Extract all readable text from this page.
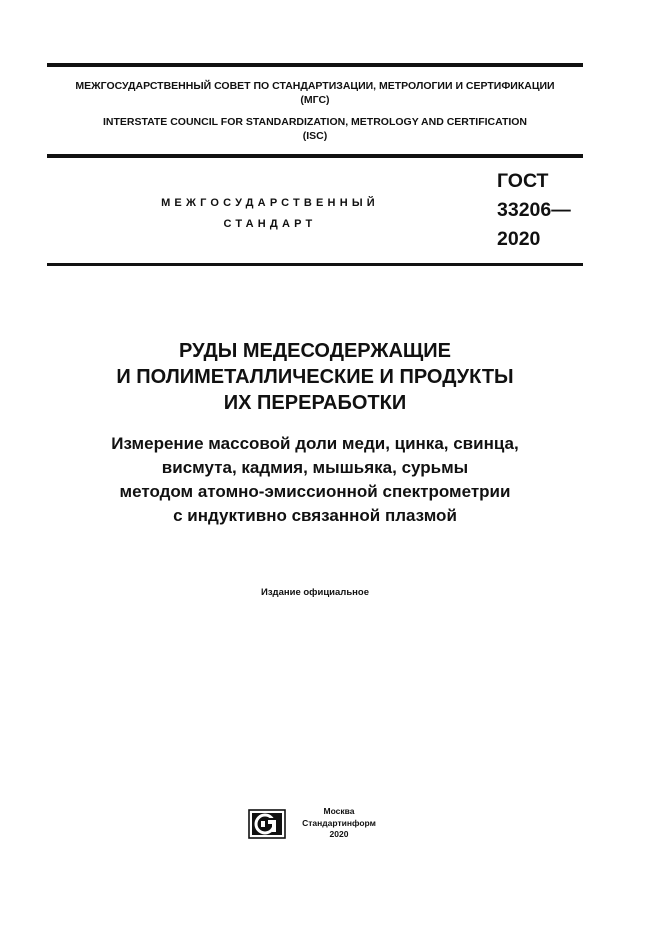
МЕЖГОСУДАРСТВЕННЫЙ СОВЕТ ПО СТАНДАРТИЗАЦИИ, МЕТРОЛОГИИ И СЕРТИФИКАЦИИ
(МГС)
INTERSTATE COUNCIL FOR STANDARDIZATION, METROLOGY AND CERTIFICATION
(ISC)
МЕЖГОСУДАРСТВЕННЫЙ
СТАНДАРТ
ГОСТ
33206—
2020
РУДЫ МЕДЕСОДЕРЖАЩИЕ
И ПОЛИМЕТАЛЛИЧЕСКИЕ И ПРОДУКТЫ
ИХ ПЕРЕРАБОТКИ
Измерение массовой доли меди, цинка, свинца,
висмута, кадмия, мышьяка, сурьмы
методом атомно-эмиссионной спектрометрии
с индуктивно связанной плазмой
Издание официальное
Москва
Стандартинформ
2020
